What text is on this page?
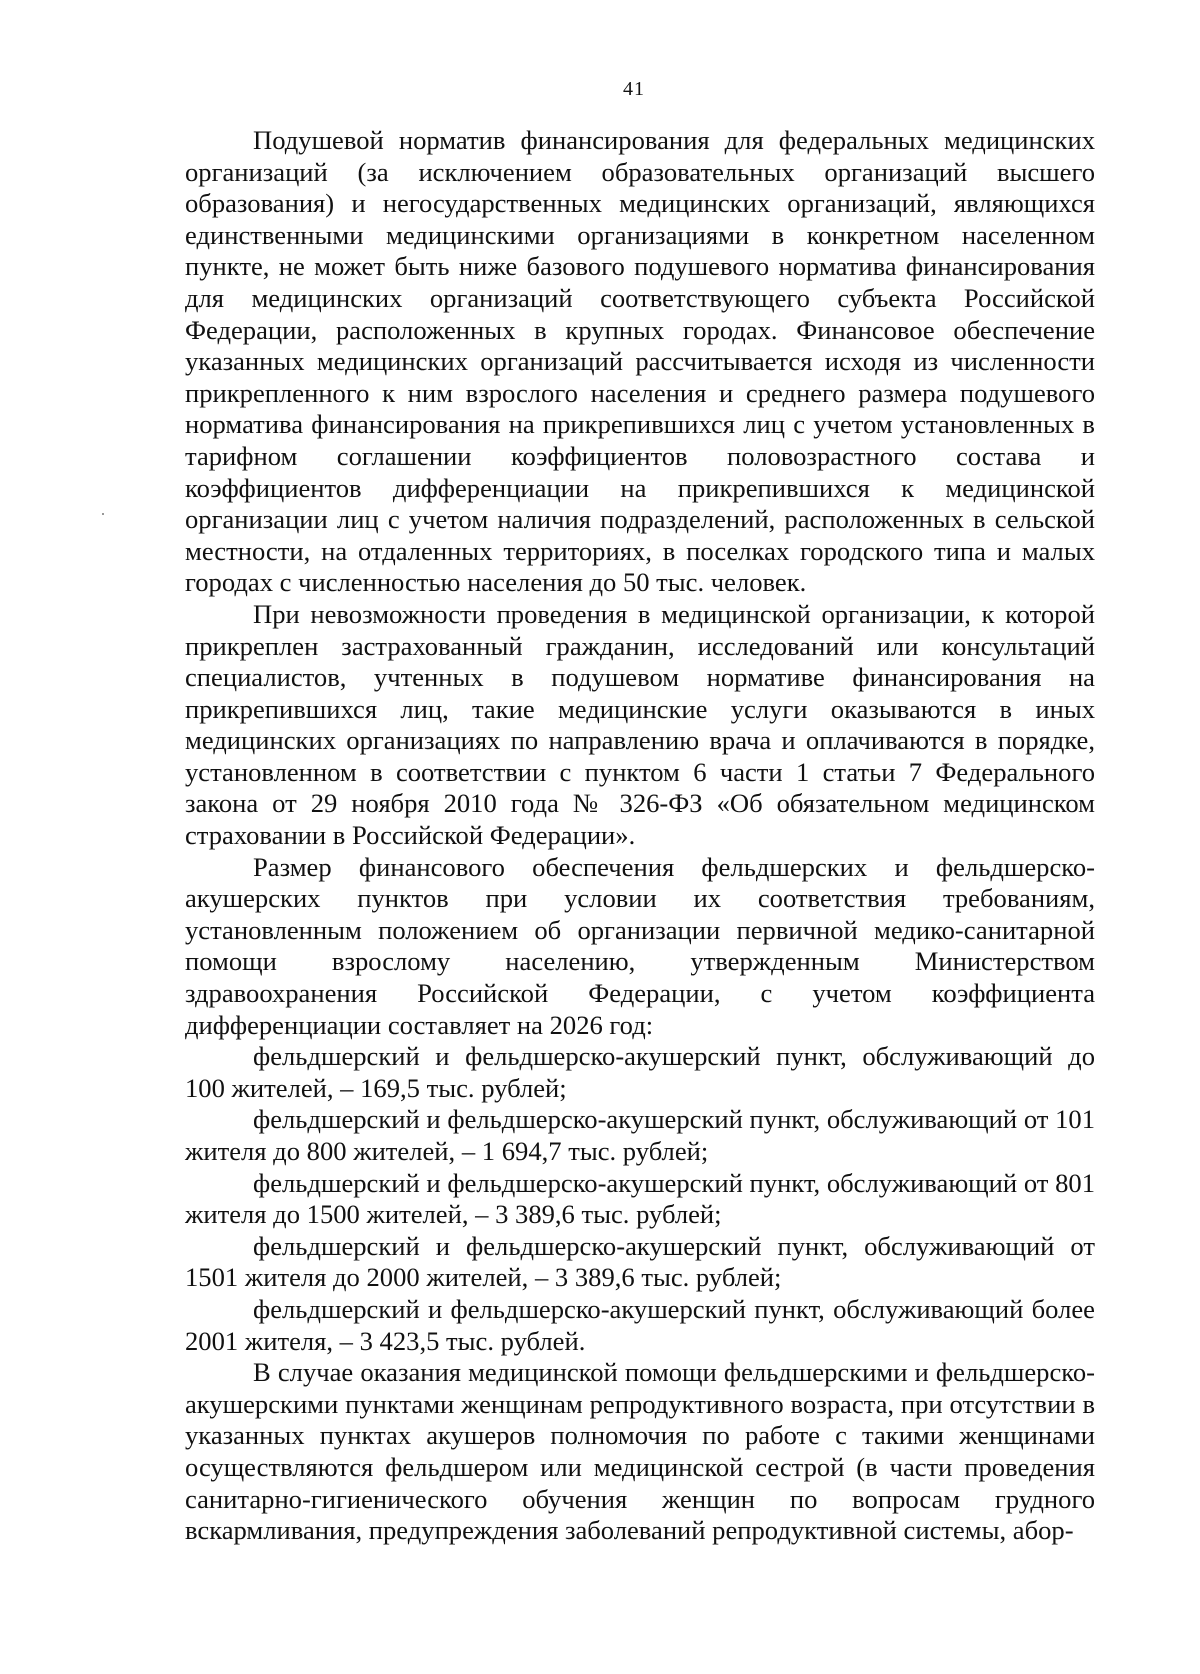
41

Подушевой норматив финансирования для федеральных медицинских организаций (за исключением образовательных организаций высшего образования) и негосударственных медицинских организаций, являющихся единственными медицинскими организациями в конкретном населенном пункте, не может быть ниже базового подушевого норматива финансирования для медицинских организаций соответствующего субъекта Российской Федерации, расположенных в крупных городах. Финансовое обеспечение указанных медицинских организаций рассчитывается исходя из численности прикрепленного к ним взрослого населения и среднего размера подушевого норматива финансирования на прикрепившихся лиц с учетом установленных в тарифном соглашении коэффициентов половозрастного состава и коэффициентов дифференциации на прикрепившихся к медицинской организации лиц с учетом наличия подразделений, расположенных в сельской местности, на отдаленных территориях, в поселках городского типа и малых городах с численностью населения до 50 тыс. человек.

При невозможности проведения в медицинской организации, к которой прикреплен застрахованный гражданин, исследований или консультаций специалистов, учтенных в подушевом нормативе финансирования на прикрепившихся лиц, такие медицинские услуги оказываются в иных медицинских организациях по направлению врача и оплачиваются в порядке, установленном в соответствии с пунктом 6 части 1 статьи 7 Федерального закона от 29 ноября 2010 года № 326-ФЗ «Об обязательном медицинском страховании в Российской Федерации».

Размер финансового обеспечения фельдшерских и фельдшерско-акушерских пунктов при условии их соответствия требованиям, установленным положением об организации первичной медико-санитарной помощи взрослому населению, утвержденным Министерством здравоохранения Российской Федерации, с учетом коэффициента дифференциации составляет на 2026 год:

фельдшерский и фельдшерско-акушерский пункт, обслуживающий до 100 жителей, – 169,5 тыс. рублей;

фельдшерский и фельдшерско-акушерский пункт, обслуживающий от 101 жителя до 800 жителей, – 1 694,7 тыс. рублей;

фельдшерский и фельдшерско-акушерский пункт, обслуживающий от 801 жителя до 1500 жителей, – 3 389,6 тыс. рублей;

фельдшерский и фельдшерско-акушерский пункт, обслуживающий от 1501 жителя до 2000 жителей, – 3 389,6 тыс. рублей;

фельдшерский и фельдшерско-акушерский пункт, обслуживающий более 2001 жителя, – 3 423,5 тыс. рублей.

В случае оказания медицинской помощи фельдшерскими и фельдшерско-акушерскими пунктами женщинам репродуктивного возраста, при отсутствии в указанных пунктах акушеров полномочия по работе с такими женщинами осуществляются фельдшером или медицинской сестрой (в части проведения санитарно-гигиенического обучения женщин по вопросам грудного вскармливания, предупреждения заболеваний репродуктивной системы, абор-
